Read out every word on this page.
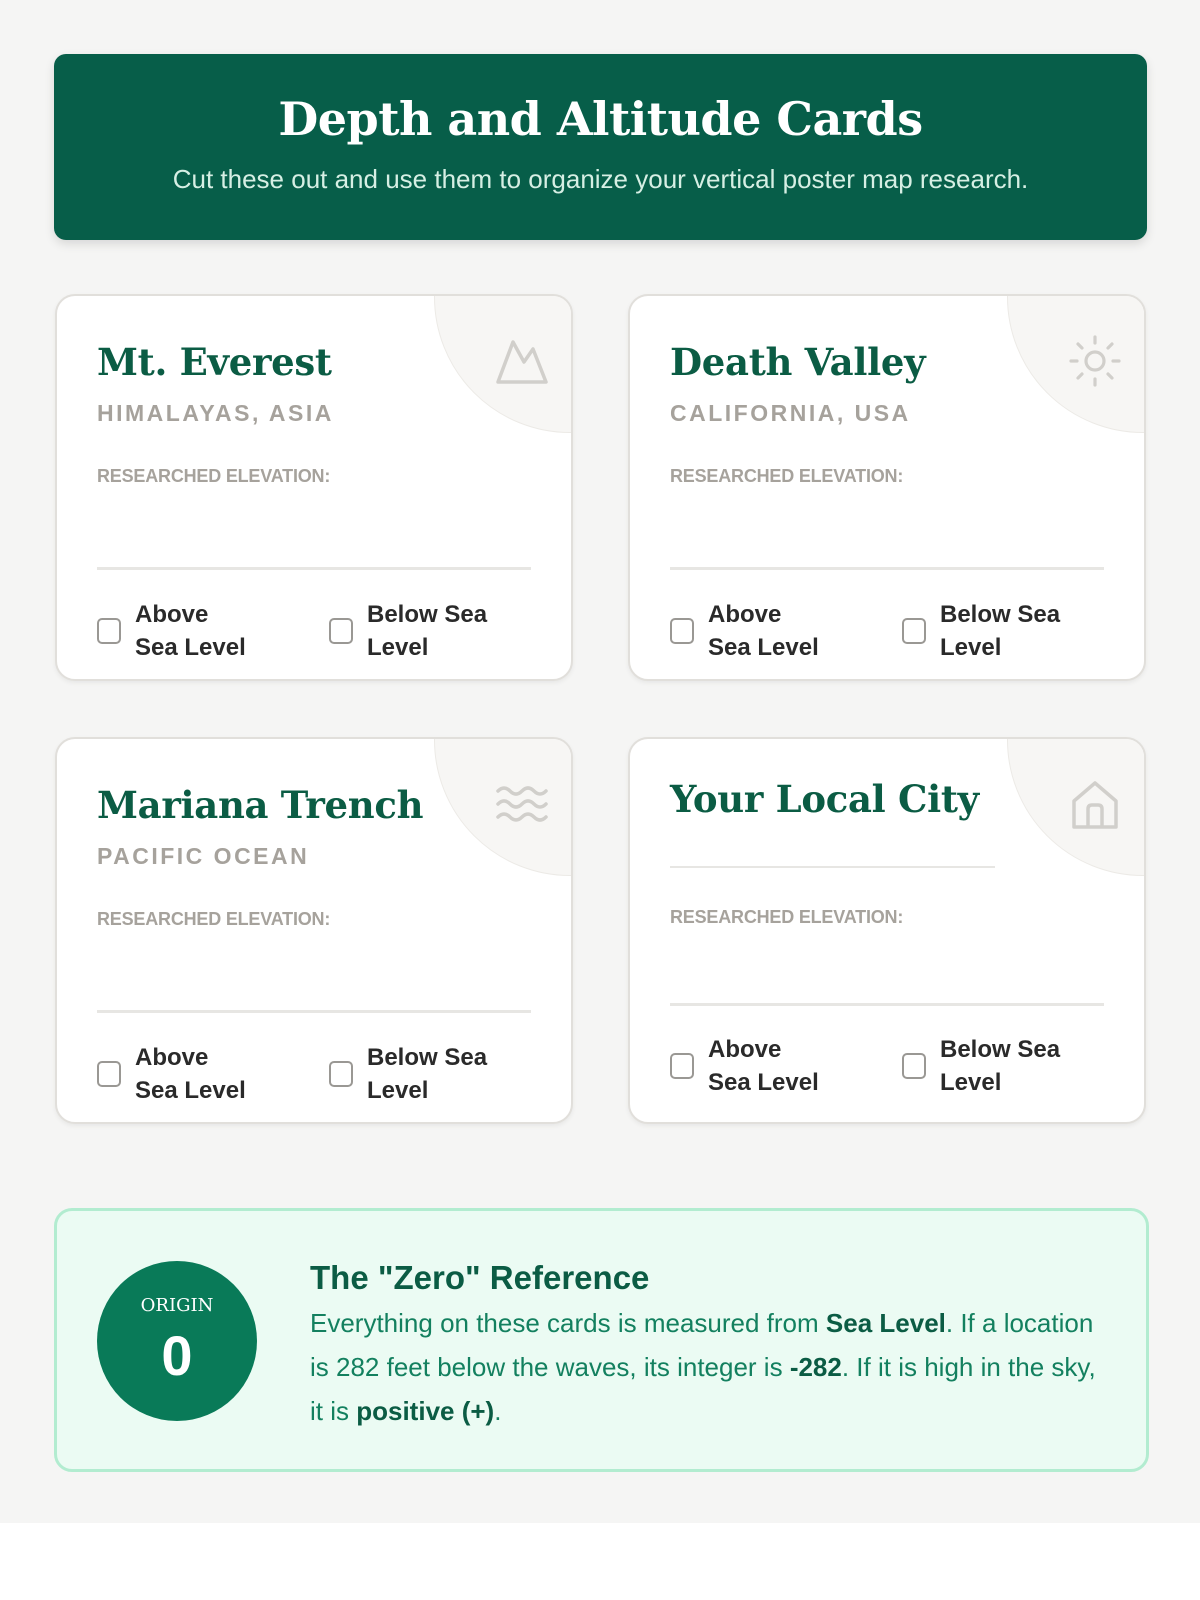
Depth and Altitude Cards

Cut these out and use them to organize your vertical poster map research.

Mt. Everest
HIMALAYAS, ASIA
RESEARCHED ELEVATION:
Above Sea Level
Below Sea Level
Death Valley
CALIFORNIA, USA
RESEARCHED ELEVATION:
Above Sea Level
Below Sea Level
Mariana Trench
PACIFIC OCEAN
RESEARCHED ELEVATION:
Above Sea Level
Below Sea Level
Your Local City
RESEARCHED ELEVATION:
Above Sea Level
Below Sea Level
ORIGIN
0
The "Zero" Reference

Everything on these cards is measured from Sea Level. If a location is 282 feet below the waves, its integer is -282. If it is high in the sky, it is positive (+).
